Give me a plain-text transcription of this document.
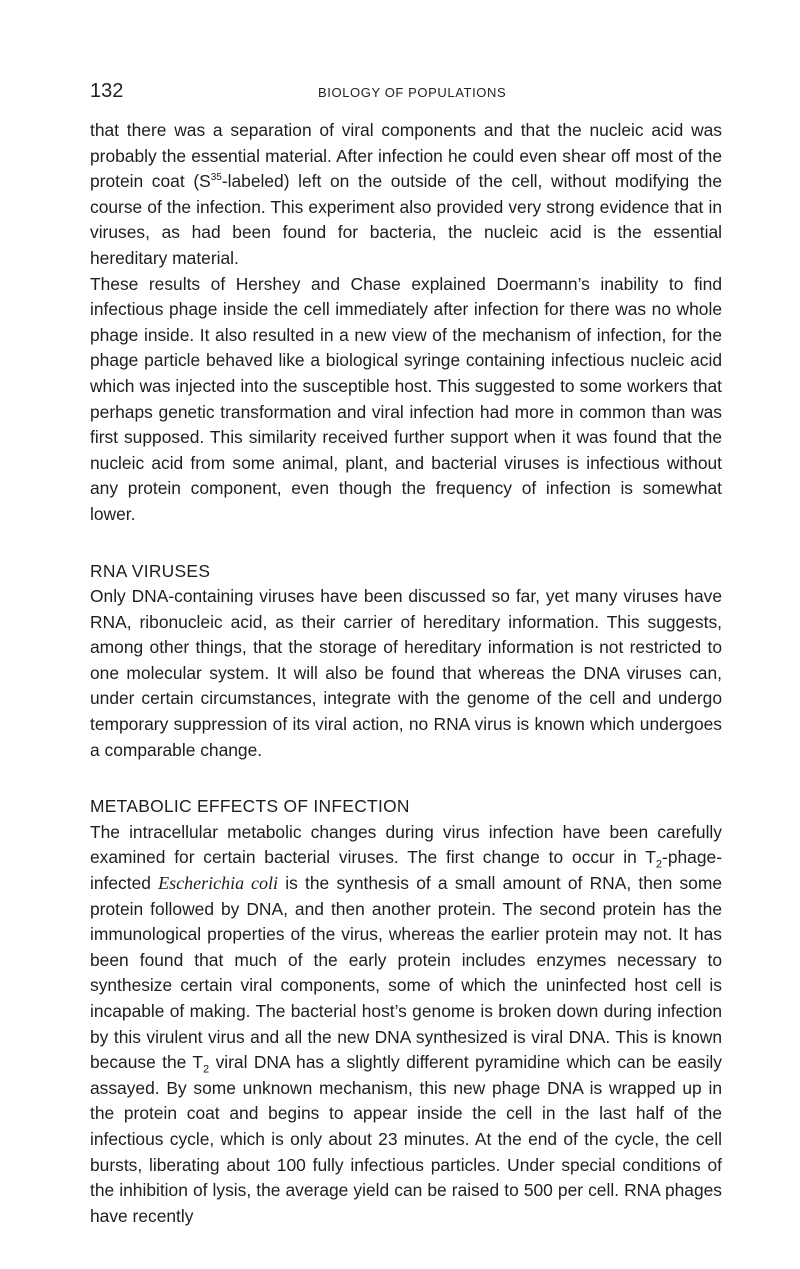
132	BIOLOGY OF POPULATIONS

that there was a separation of viral components and that the nucleic acid was probably the essential material. After infection he could even shear off most of the protein coat $(S^{35}-labeled)$ left on the outside of the cell, without modifying the course of the infection. This experiment also provided very strong evidence that in viruses, as had been found for bacteria, the nucleic acid is the essential hereditary material.

These results of Hershey and Chase explained Doermann’s inability to find infectious phage inside the cell immediately after infection for there was no whole phage inside. It also resulted in a new view of the mechanism of infection, for the phage particle behaved like a biological syringe containing infectious nucleic acid which was injected into the susceptible host. This suggested to some workers that perhaps genetic transformation and viral infection had more in common than was first supposed. This similarity received further support when it was found that the nucleic acid from some animal, plant, and bacterial viruses is infectious without any protein component, even though the frequency of infection is somewhat lower.

RNA VIRUSES

Only DNA-containing viruses have been discussed so far, yet many viruses have RNA, ribonucleic acid, as their carrier of hereditary information. This suggests, among other things, that the storage of hereditary information is not restricted to one molecular system. It will also be found that whereas the DNA viruses can, under certain circumstances, integrate with the genome of the cell and undergo temporary suppression of its viral action, no RNA virus is known which undergoes a comparable change.

METABOLIC EFFECTS OF INFECTION

The intracellular metabolic changes during virus infection have been carefully examined for certain bacterial viruses. The first change to occur in $T_2-phage$-infected Escherichia coli is the synthesis of a small amount of RNA, then some protein followed by DNA, and then another protein. The second protein has the immunological properties of the virus, whereas the earlier protein may not. It has been found that much of the early protein includes enzymes necessary to synthesize certain viral components, some of which the uninfected host cell is incapable of making. The bacterial host’s genome is broken down during infection by this virulent virus and all the new DNA synthesized is viral DNA. This is known because the $T_2$ viral DNA has a slightly different pyramidine which can be easily assayed. By some unknown mechanism, this new phage DNA is wrapped up in the protein coat and begins to appear inside the cell in the last half of the infectious cycle, which is only about 23 minutes. At the end of the cycle, the cell bursts, liberating about 100 fully infectious particles. Under special conditions of the inhibition of lysis, the average yield can be raised to 500 per cell. RNA phages have recently
